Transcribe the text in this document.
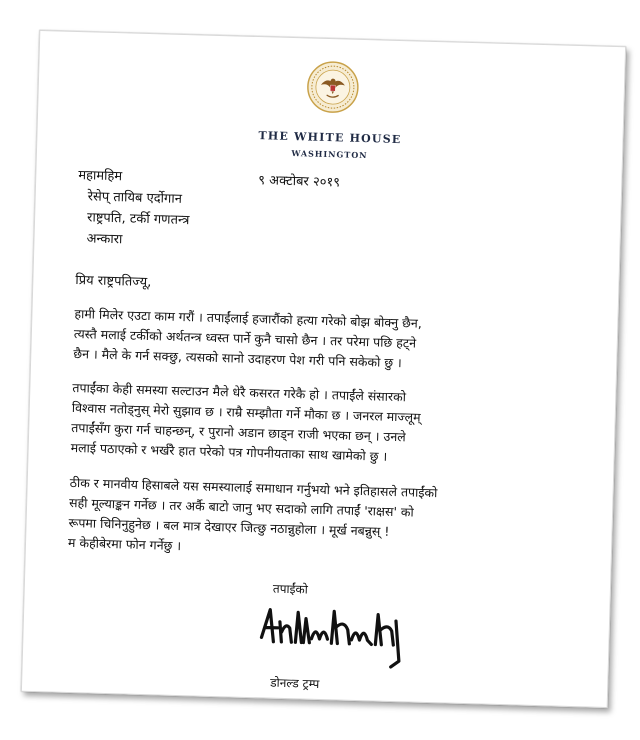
THE WHITE HOUSE
WASHINGTON
९ अक्टोबर २०१९
महामहिम
रेसेप् तायिब एर्दोगान
राष्ट्रपति, टर्की गणतन्त्र
अन्कारा
प्रिय राष्ट्रपतिज्यू,
हामी मिलेर एउटा काम गरौं । तपाईंलाई हजारौंको हत्या गरेको बोझ बोक्नु छैन,
त्यस्तै मलाई टर्कीको अर्थतन्त्र ध्वस्त पार्ने कुनै चासो छैन । तर परेमा पछि हट्ने
छैन । मैले के गर्न सक्छु, त्यसको सानो उदाहरण पेश गरी पनि सकेको छु ।
तपाईंका केही समस्या सल्टाउन मैले धेरै कसरत गरेकै हो । तपाईंले संसारको
विश्वास नतोड्नुस् मेरो सुझाव छ । राम्रै सम्झौता गर्ने मौका छ । जनरल माज्लूम्
तपाईंसँग कुरा गर्न चाहन्छन्, र पुरानो अडान छाड्न राजी भएका छन् । उनले
मलाई पठाएको र भर्खरै हात परेको पत्र गोपनीयताका साथ खामेको छु ।
ठीक र मानवीय हिसाबले यस समस्यालाई समाधान गर्नुभयो भने इतिहासले तपाईंको
सही मूल्याङ्कन गर्नेछ । तर अर्कै बाटो जानु भए सदाको लागि तपाईं 'राक्षस' को
रूपमा चिनिनुहुनेछ । बल मात्र देखाएर जित्छु नठान्नुहोला । मूर्ख नबन्नुस् !
म केहीबेरमा फोन गर्नेछु ।
तपाईंको
डोनल्ड ट्रम्प
